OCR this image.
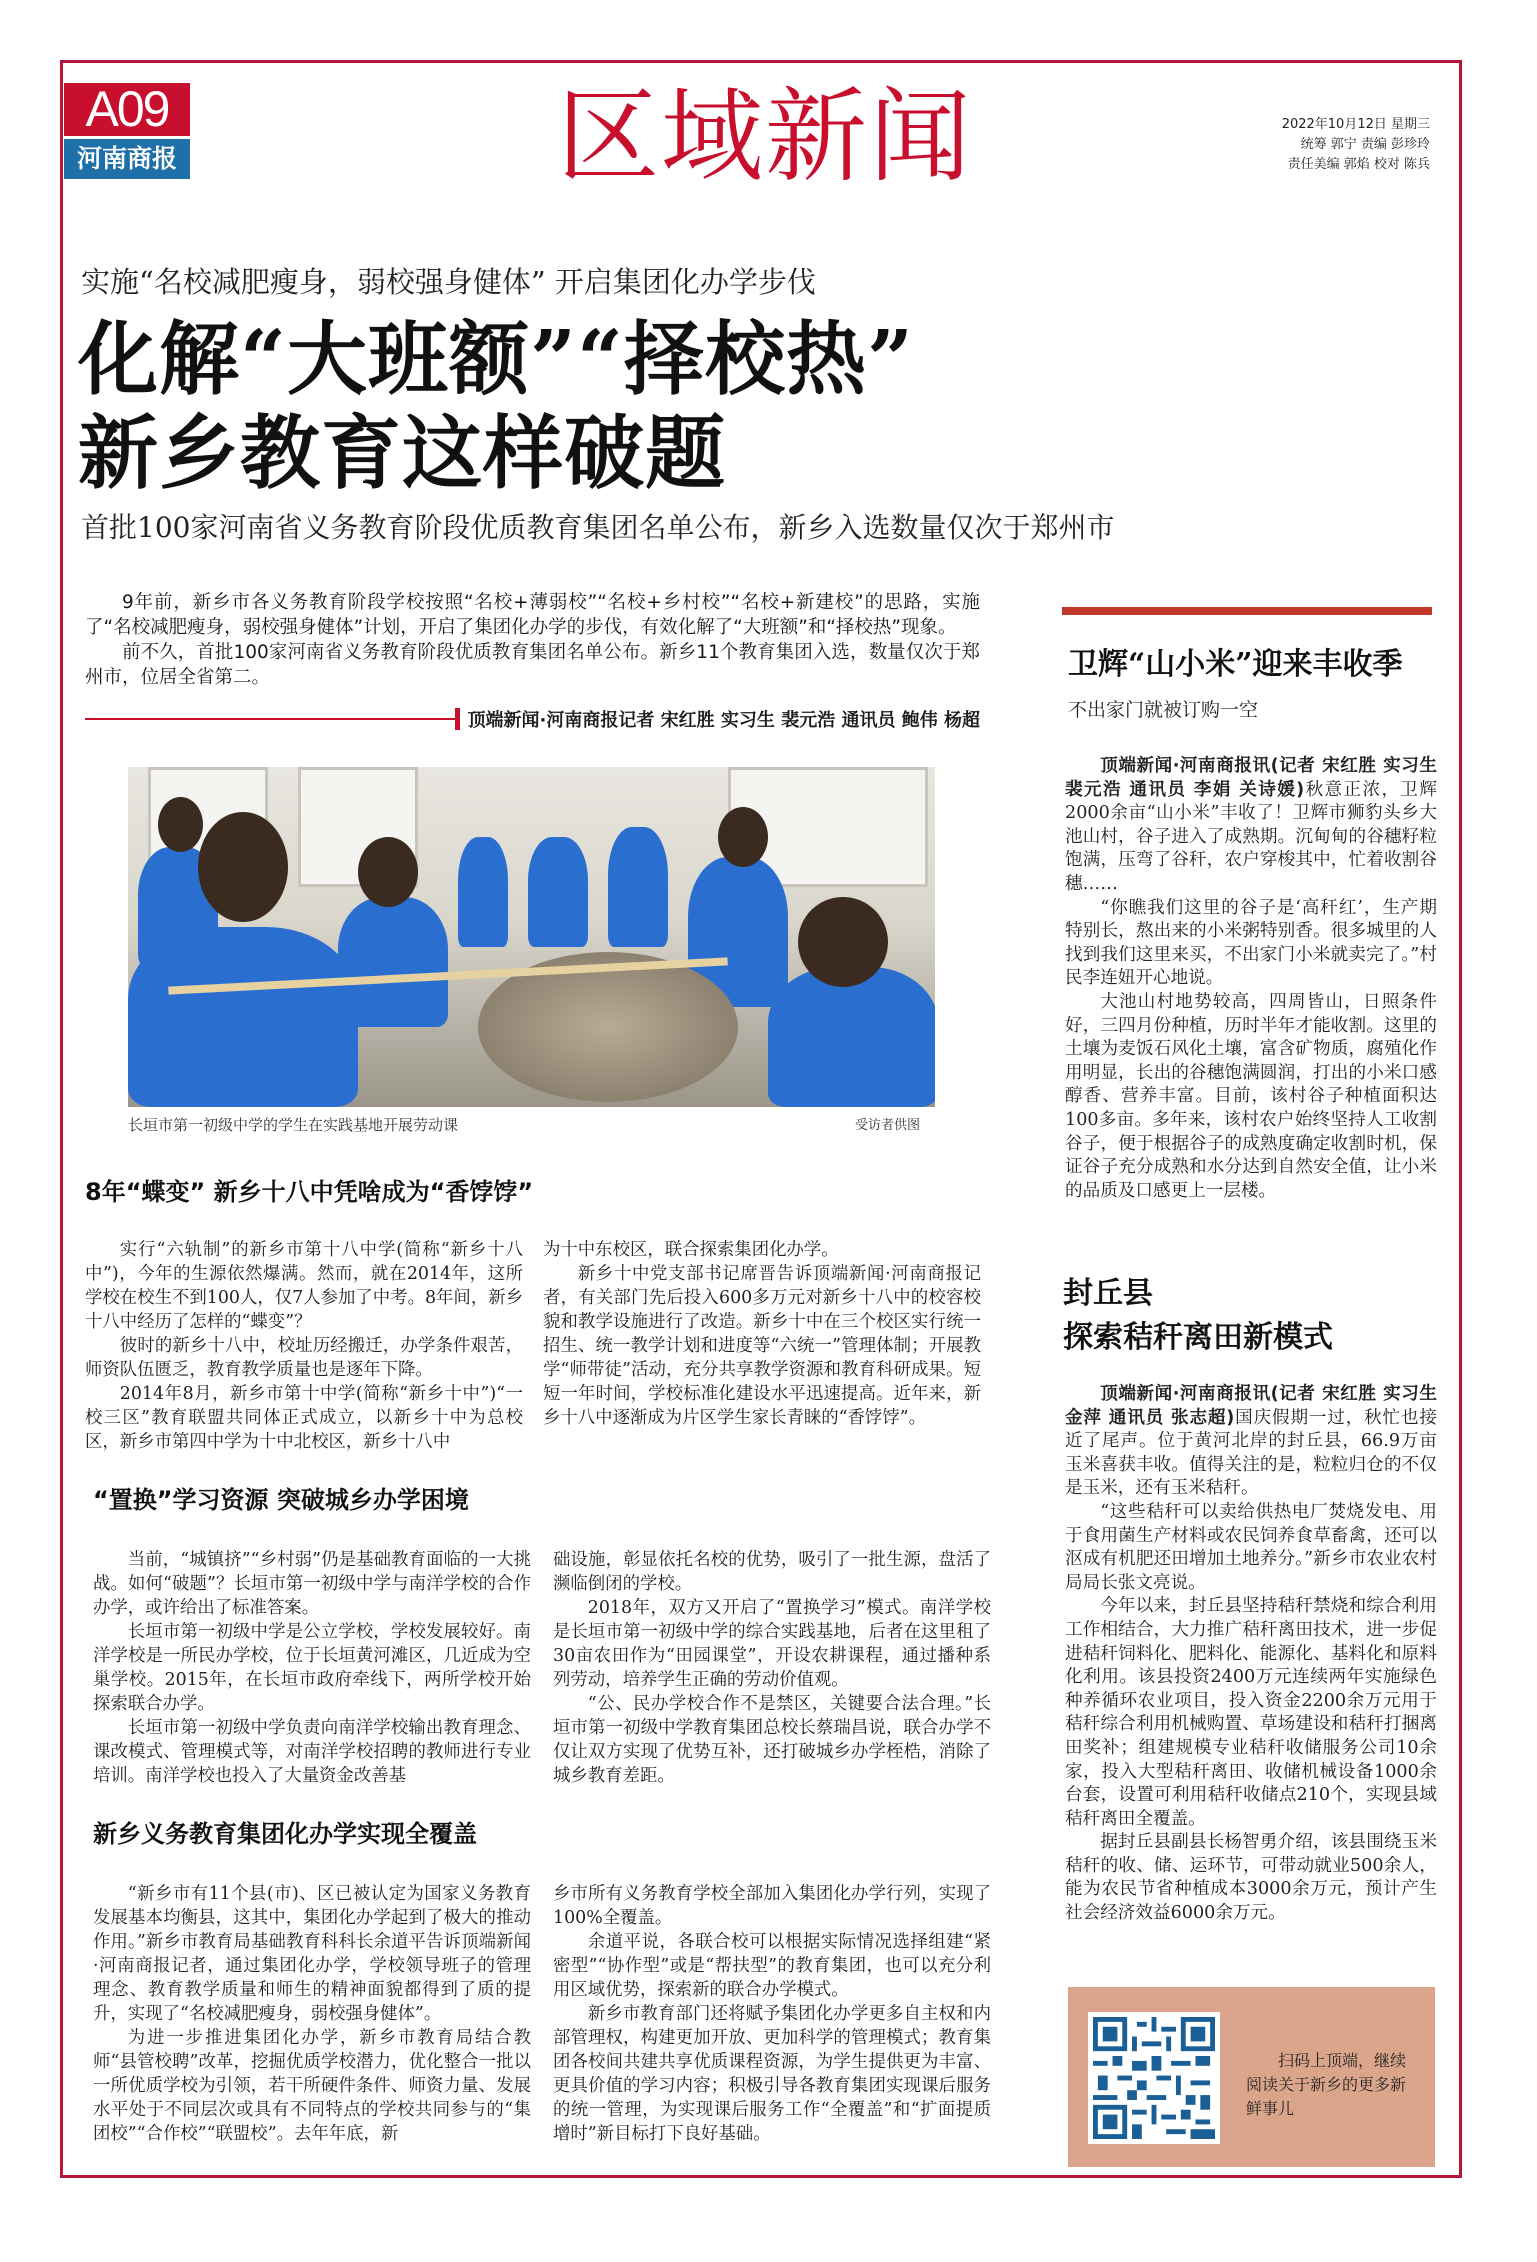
A09
河南商报	区域新闻	2022年10月12日 星期三
统筹 郭宁 责编 彭珍玲
责任美编 郭焰 校对 陈兵
实施“名校减肥瘦身，弱校强身健体” 开启集团化办学步伐
化解“大班额”“择校热”
新乡教育这样破题
首批100家河南省义务教育阶段优质教育集团名单公布，新乡入选数量仅次于郑州市

9年前，新乡市各义务教育阶段学校按照“名校+薄弱校”“名校+乡村校”“名校+新建校”的思路，实施了“名校减肥瘦身，弱校强身健体”计划，开启了集团化办学的步伐，有效化解了“大班额”和“择校热”现象。

前不久，首批100家河南省义务教育阶段优质教育集团名单公布。新乡11个教育集团入选，数量仅次于郑州市，位居全省第二。

顶端新闻·河南商报记者 宋红胜 实习生 裴元浩 通讯员 鲍伟 杨超
长垣市第一初级中学的学生在实践基地开展劳动课	受访者供图
8年“蝶变” 新乡十八中凭啥成为“香饽饽”

实行“六轨制”的新乡市第十八中学(简称“新乡十八中”)，今年的生源依然爆满。然而，就在2014年，这所学校在校生不到100人，仅7人参加了中考。8年间，新乡十八中经历了怎样的“蝶变”？

彼时的新乡十八中，校址历经搬迁，办学条件艰苦，师资队伍匮乏，教育教学质量也是逐年下降。

2014年8月，新乡市第十中学(简称“新乡十中”)“一校三区”教育联盟共同体正式成立，以新乡十中为总校区，新乡市第四中学为十中北校区，新乡十八中

为十中东校区，联合探索集团化办学。

新乡十中党支部书记席晋告诉顶端新闻·河南商报记者，有关部门先后投入600多万元对新乡十八中的校容校貌和教学设施进行了改造。新乡十中在三个校区实行统一招生、统一教学计划和进度等“六统一”管理体制；开展教学“师带徒”活动，充分共享教学资源和教育科研成果。短短一年时间，学校标准化建设水平迅速提高。近年来，新乡十八中逐渐成为片区学生家长青睐的“香饽饽”。

“置换”学习资源 突破城乡办学困境

当前，“城镇挤”“乡村弱”仍是基础教育面临的一大挑战。如何“破题”？长垣市第一初级中学与南洋学校的合作办学，或许给出了标准答案。

长垣市第一初级中学是公立学校，学校发展较好。南洋学校是一所民办学校，位于长垣黄河滩区，几近成为空巢学校。2015年，在长垣市政府牵线下，两所学校开始探索联合办学。

长垣市第一初级中学负责向南洋学校输出教育理念、课改模式、管理模式等，对南洋学校招聘的教师进行专业培训。南洋学校也投入了大量资金改善基

础设施，彰显依托名校的优势，吸引了一批生源，盘活了濒临倒闭的学校。

2018年，双方又开启了“置换学习”模式。南洋学校是长垣市第一初级中学的综合实践基地，后者在这里租了30亩农田作为“田园课堂”，开设农耕课程，通过播种系列劳动，培养学生正确的劳动价值观。

“公、民办学校合作不是禁区，关键要合法合理。”长垣市第一初级中学教育集团总校长蔡瑞昌说，联合办学不仅让双方实现了优势互补，还打破城乡办学桎梏，消除了城乡教育差距。

新乡义务教育集团化办学实现全覆盖

“新乡市有11个县(市)、区已被认定为国家义务教育发展基本均衡县，这其中，集团化办学起到了极大的推动作用。”新乡市教育局基础教育科科长余道平告诉顶端新闻·河南商报记者，通过集团化办学，学校领导班子的管理理念、教育教学质量和师生的精神面貌都得到了质的提升，实现了“名校减肥瘦身，弱校强身健体”。

为进一步推进集团化办学，新乡市教育局结合教师“县管校聘”改革，挖掘优质学校潜力，优化整合一批以一所优质学校为引领，若干所硬件条件、师资力量、发展水平处于不同层次或具有不同特点的学校共同参与的“集团校”“合作校”“联盟校”。去年年底，新

乡市所有义务教育学校全部加入集团化办学行列，实现了100%全覆盖。

余道平说，各联合校可以根据实际情况选择组建“紧密型”“协作型”或是“帮扶型”的教育集团，也可以充分利用区域优势，探索新的联合办学模式。

新乡市教育部门还将赋予集团化办学更多自主权和内部管理权，构建更加开放、更加科学的管理模式；教育集团各校间共建共享优质课程资源，为学生提供更为丰富、更具价值的学习内容；积极引导各教育集团实现课后服务的统一管理，为实现课后服务工作“全覆盖”和“扩面提质增时”新目标打下良好基础。

卫辉“山小米”迎来丰收季
不出家门就被订购一空

顶端新闻·河南商报讯(记者 宋红胜 实习生 裴元浩 通讯员 李娟 关诗媛)秋意正浓，卫辉2000余亩“山小米”丰收了！卫辉市狮豹头乡大池山村，谷子进入了成熟期。沉甸甸的谷穗籽粒饱满，压弯了谷秆，农户穿梭其中，忙着收割谷穗……

“你瞧我们这里的谷子是‘高秆红’，生产期特别长，熬出来的小米粥特别香。很多城里的人找到我们这里来买，不出家门小米就卖完了。”村民李连妞开心地说。

大池山村地势较高，四周皆山，日照条件好，三四月份种植，历时半年才能收割。这里的土壤为麦饭石风化土壤，富含矿物质，腐殖化作用明显，长出的谷穗饱满圆润，打出的小米口感醇香、营养丰富。目前，该村谷子种植面积达100多亩。多年来，该村农户始终坚持人工收割谷子，便于根据谷子的成熟度确定收割时机，保证谷子充分成熟和水分达到自然安全值，让小米的品质及口感更上一层楼。

封丘县
探索秸秆离田新模式

顶端新闻·河南商报讯(记者 宋红胜 实习生 金萍 通讯员 张志超)国庆假期一过，秋忙也接近了尾声。位于黄河北岸的封丘县，66.9万亩玉米喜获丰收。值得关注的是，粒粒归仓的不仅是玉米，还有玉米秸秆。

“这些秸秆可以卖给供热电厂焚烧发电、用于食用菌生产材料或农民饲养食草畜禽，还可以沤成有机肥还田增加土地养分。”新乡市农业农村局局长张文亮说。

今年以来，封丘县坚持秸秆禁烧和综合利用工作相结合，大力推广秸秆离田技术，进一步促进秸秆饲料化、肥料化、能源化、基料化和原料化利用。该县投资2400万元连续两年实施绿色种养循环农业项目，投入资金2200余万元用于秸秆综合利用机械购置、草场建设和秸秆打捆离田奖补；组建规模专业秸秆收储服务公司10余家，投入大型秸秆离田、收储机械设备1000余台套，设置可利用秸秆收储点210个，实现县域秸秆离田全覆盖。

据封丘县副县长杨智勇介绍，该县围绕玉米秸秆的收、储、运环节，可带动就业500余人，能为农民节省种植成本3000余万元，预计产生社会经济效益6000余万元。

扫码上顶端，继续阅读关于新乡的更多新鲜事儿
